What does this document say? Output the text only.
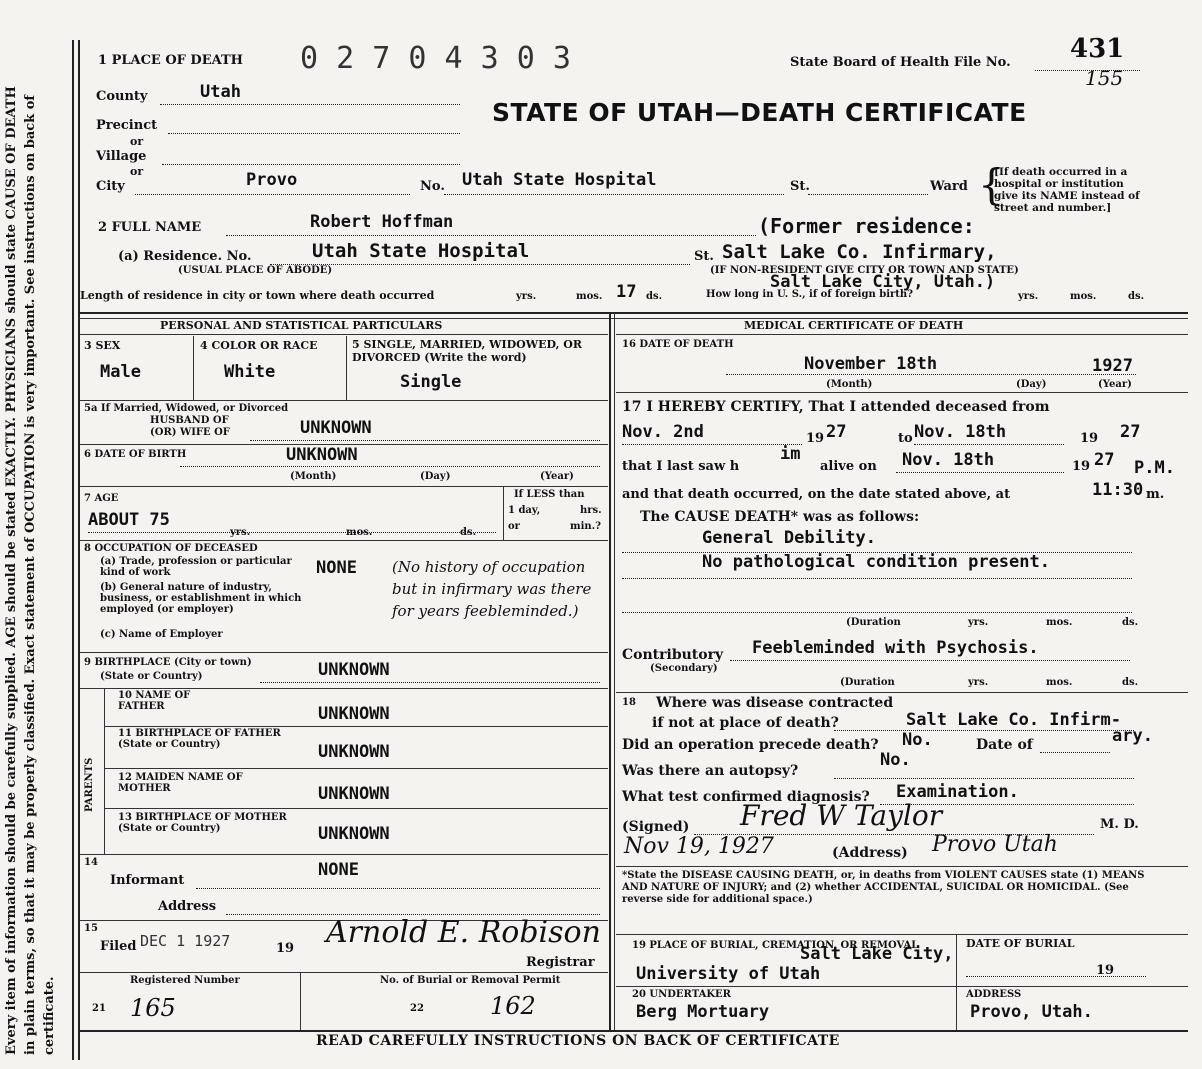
Every item of information should be carefully supplied. AGE should be stated EXACTLY. PHYSICIANS should state CAUSE OF DEATH in plain terms, so that it may be properly classified. Exact statement of OCCUPATION is very important. See instructions on back of certificate.
1 PLACE OF DEATH 0 2 7 0 4 3 0 3	State Board of Health File No. 431
155
STATE OF UTAH—DEATH CERTIFICATE
County	Utah
Precinct
or
Village
or
City	Provo	No. Utah State Hospital	St.	Ward {
[If death occurred in a hospital or institution give its NAME instead of street and number.]
2 FULL NAME	Robert Hoffman	(Former residence:
(a) Residence. No.	Utah State Hospital	St. Salt Lake Co. Infirmary,
(USUAL PLACE OF ABODE)	(IF NON-RESIDENT GIVE CITY OR TOWN AND STATE)
Salt Lake City, Utah.)
Length of residence in city or town where death occurred	yrs.	mos. 17 ds.	How long in U. S., if of foreign birth?	yrs.	mos.	ds.
PERSONAL AND STATISTICAL PARTICULARS
3 SEX
Male
4 COLOR OR RACE
White
5 SINGLE, MARRIED, WIDOWED, OR DIVORCED (Write the word)
Single
5a If Married, Widowed, or Divorced
HUSBAND OF
(OR) WIFE OF	UNKNOWN
6 DATE OF BIRTH	UNKNOWN
(Month)	(Day)	(Year)
7 AGE
ABOUT 75
yrs.	mos.	ds.
If LESS than
1 day,	hrs.
or	min.?
8 OCCUPATION OF DECEASED
(a) Trade, profession or particular kind of work	NONE (No history of occupation but in infirmary was there for years feebleminded.)
(b) General nature of industry, business, or establishment in which employed (or employer)
(c) Name of Employer
9 BIRTHPLACE (City or town)
(State or Country)	UNKNOWN
PARENTS
10 NAME OF FATHER	UNKNOWN
11 BIRTHPLACE OF FATHER (State or Country)	UNKNOWN
12 MAIDEN NAME OF MOTHER	UNKNOWN
13 BIRTHPLACE OF MOTHER (State or Country)	UNKNOWN
14
Informant
NONE
Address
15
Filed DEC 1 1927	19 Arnold E. Robison
Registrar
Registered Number
21 165
No. of Burial or Removal Permit
22	162
MEDICAL CERTIFICATE OF DEATH
16 DATE OF DEATH
November 18th	1927
(Month)	(Day)	(Year)
17 I HEREBY CERTIFY, That I attended deceased from
Nov. 2nd	19 27	to Nov. 18th	19 27
that I last saw h
im
alive on Nov. 18th	19 27 P.M.
and that death occurred, on the date stated above, at	11:30 m.
The CAUSE DEATH* was as follows:
General Debility.
No pathological condition present.
(Duration	yrs.	mos.	ds.
Contributory
(Secondary)
Feebleminded with Psychosis.
(Duration	yrs.	mos.	ds.
18 Where was disease contracted
if not at place of death?	Salt Lake Co. Infirm-
ary.
Did an operation precede death? No.	Date of
Was there an autopsy?
No.
What test confirmed diagnosis? Examination.
(Signed) Fred W Taylor	M. D.
Nov 19, 1927	(Address) Provo Utah
*State the DISEASE CAUSING DEATH, or, in deaths from VIOLENT CAUSES state (1) MEANS AND NATURE OF INJURY; and (2) whether ACCIDENTAL, SUICIDAL OR HOMICIDAL. (See reverse side for additional space.)
19 PLACE OF BURIAL, CREMATION, OR REMOVAL
Salt Lake City,
University of Utah
DATE OF BURIAL
19
20 UNDERTAKER
Berg Mortuary
ADDRESS
Provo, Utah.
READ CAREFULLY INSTRUCTIONS ON BACK OF CERTIFICATE
